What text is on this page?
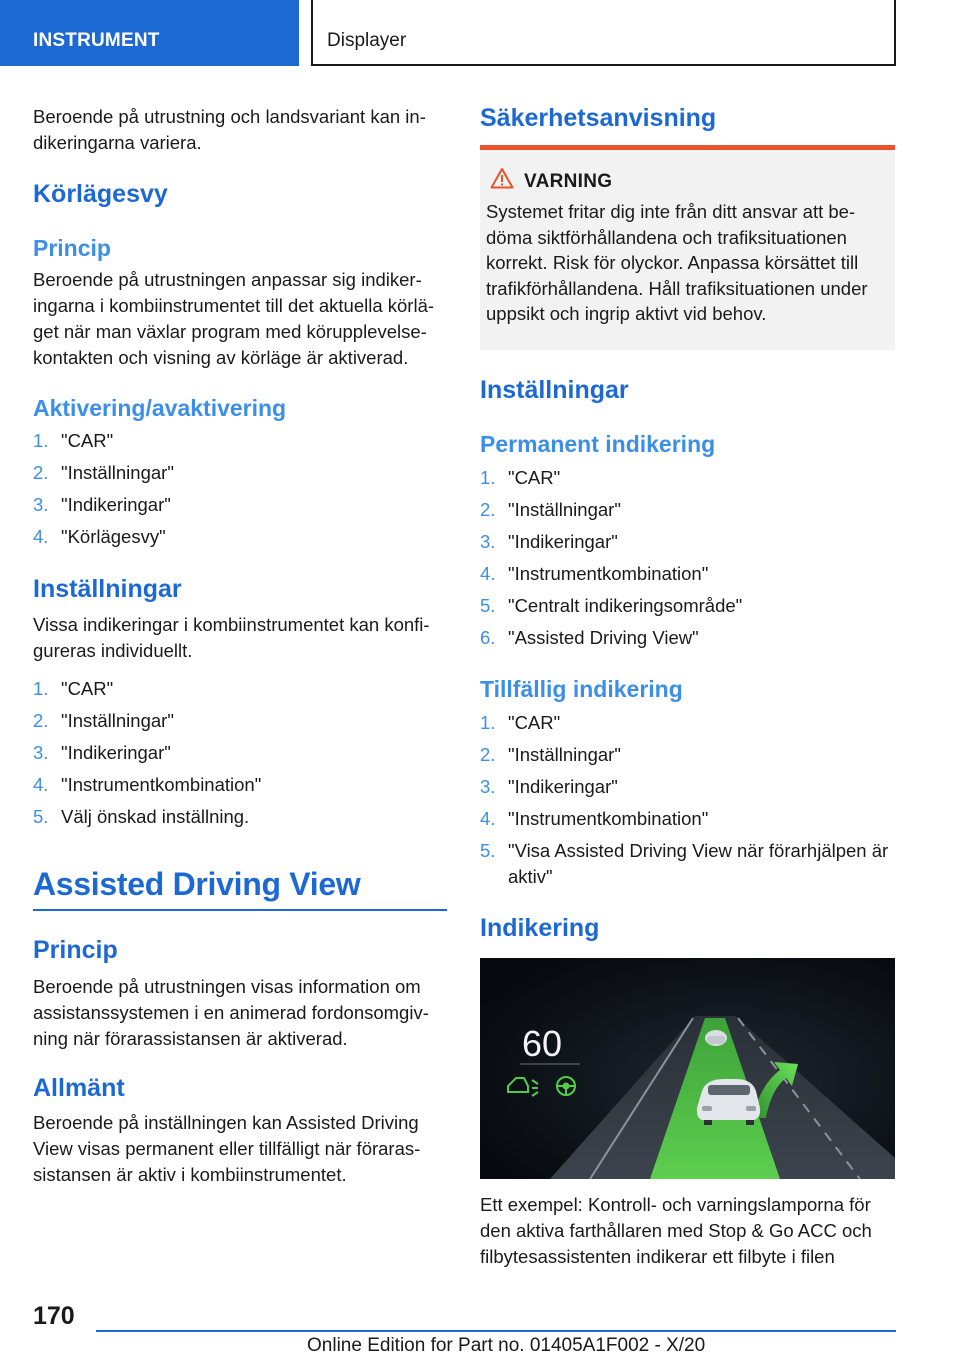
INSTRUMENT	Displayer
Beroende på utrustning och landsvariant kan in-dikeringarna variera.
Körlägesvy
Princip
Beroende på utrustningen anpassar sig indiker-ingarna i kombiinstrumentet till det aktuella körlä-get när man växlar program med körupplevelse-kontakten och visning av körläge är aktiverad.
Aktivering/avaktivering
1. "CAR"
2. "Inställningar"
3. "Indikeringar"
4. "Körlägesvy"
Inställningar
Vissa indikeringar i kombiinstrumentet kan konfi-gureras individuellt.
1. "CAR"
2. "Inställningar"
3. "Indikeringar"
4. "Instrumentkombination"
5. Välj önskad inställning.
Assisted Driving View
Princip
Beroende på utrustningen visas information om assistanssystemen i en animerad fordonsomgiv-ning när förarassistansen är aktiverad.
Allmänt
Beroende på inställningen kan Assisted Driving View visas permanent eller tillfälligt när föraras-sistansen är aktiv i kombiinstrumentet.
Säkerhetsanvisning
VARNING
Systemet fritar dig inte från ditt ansvar att be-döma siktförhållandena och trafiksituationen korrekt. Risk för olyckor. Anpassa körsättet till trafikförhållandena. Håll trafiksituationen under uppsikt och ingrip aktivt vid behov.
Inställningar
Permanent indikering
1. "CAR"
2. "Inställningar"
3. "Indikeringar"
4. "Instrumentkombination"
5. "Centralt indikeringsområde"
6. "Assisted Driving View"
Tillfällig indikering
1. "CAR"
2. "Inställningar"
3. "Indikeringar"
4. "Instrumentkombination"
5. "Visa Assisted Driving View när förarhjälpen är aktiv"
Indikering
60
Ett exempel: Kontroll- och varningslamporna för den aktiva farthållaren med Stop & Go ACC och filbytesassistenten indikerar ett filbyte i filen
170
Online Edition for Part no. 01405A1F002 - X/20
